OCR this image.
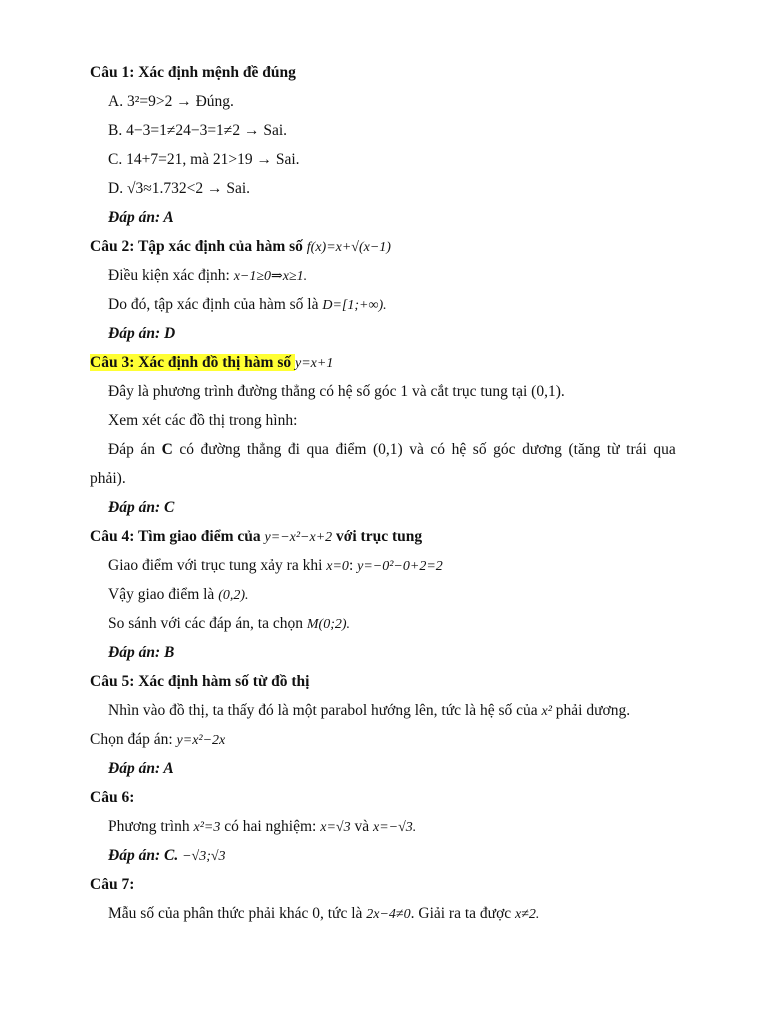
Câu 1: Xác định mệnh đề đúng
A. 3²=9>2 → Đúng.
B. 4−3=1≠24−3=1≠2 → Sai.
C. 14+7=21, mà 21>19 → Sai.
D. √3≈1.732<2 → Sai.
Đáp án: A
Câu 2: Tập xác định của hàm số f(x)=x+√(x−1)
Điều kiện xác định: x−1≥0⇒x≥1.
Do đó, tập xác định của hàm số là D=[1;+∞).
Đáp án: D
Câu 3: Xác định đồ thị hàm số y=x+1
Đây là phương trình đường thẳng có hệ số góc 1 và cắt trục tung tại (0,1).
Xem xét các đồ thị trong hình:
Đáp án C có đường thẳng đi qua điểm (0,1) và có hệ số góc dương (tăng từ trái qua
phải).
Đáp án: C
Câu 4: Tìm giao điểm của y=−x²−x+2 với trục tung
Giao điểm với trục tung xảy ra khi x=0: y=−0²−0+2=2
Vậy giao điểm là (0,2).
So sánh với các đáp án, ta chọn M(0;2).
Đáp án: B
Câu 5: Xác định hàm số từ đồ thị
Nhìn vào đồ thị, ta thấy đó là một parabol hướng lên, tức là hệ số của x² phải dương.
Chọn đáp án: y=x²−2x
Đáp án: A
Câu 6:
Phương trình x²=3 có hai nghiệm: x=√3 và x=−√3.
Đáp án: C. −√3;√3
Câu 7:
Mẫu số của phân thức phải khác 0, tức là 2x−4≠0. Giải ra ta được x≠2.
